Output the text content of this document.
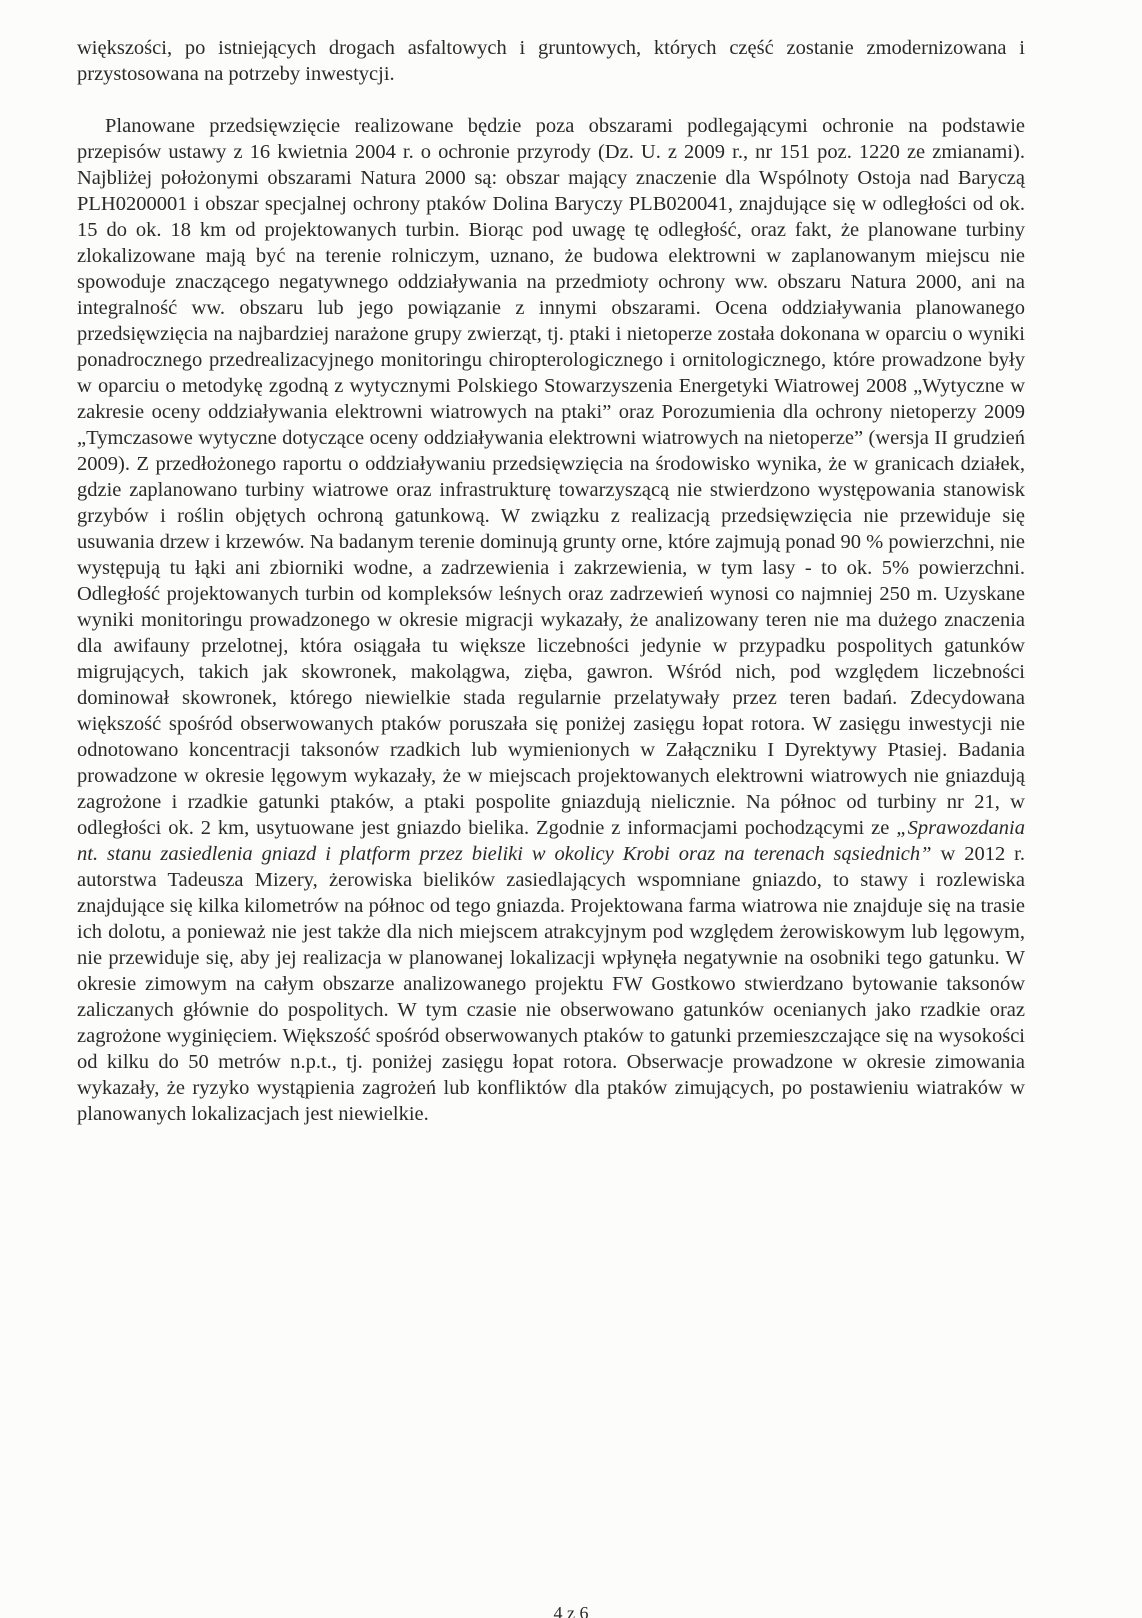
większości, po istniejących drogach asfaltowych i gruntowych, których część zostanie zmodernizowana i przystosowana na potrzeby inwestycji.

Planowane przedsięwzięcie realizowane będzie poza obszarami podlegającymi ochronie na podstawie przepisów ustawy z 16 kwietnia 2004 r. o ochronie przyrody (Dz. U. z 2009 r., nr 151 poz. 1220 ze zmianami). Najbliżej położonymi obszarami Natura 2000 są: obszar mający znaczenie dla Wspólnoty Ostoja nad Baryczą PLH0200001 i obszar specjalnej ochrony ptaków Dolina Baryczy PLB020041, znajdujące się w odległości od ok. 15 do ok. 18 km od projektowanych turbin. Biorąc pod uwagę tę odległość, oraz fakt, że planowane turbiny zlokalizowane mają być na terenie rolniczym, uznano, że budowa elektrowni w zaplanowanym miejscu nie spowoduje znaczącego negatywnego oddziaływania na przedmioty ochrony ww. obszaru Natura 2000, ani na integralność ww. obszaru lub jego powiązanie z innymi obszarami. Ocena oddziaływania planowanego przedsięwzięcia na najbardziej narażone grupy zwierząt, tj. ptaki i nietoperze została dokonana w oparciu o wyniki ponadrocznego przedrealizacyjnego monitoringu chiropterologicznego i ornitologicznego, które prowadzone były w oparciu o metodykę zgodną z wytycznymi Polskiego Stowarzyszenia Energetyki Wiatrowej 2008 „Wytyczne w zakresie oceny oddziaływania elektrowni wiatrowych na ptaki” oraz Porozumienia dla ochrony nietoperzy 2009 „Tymczasowe wytyczne dotyczące oceny oddziaływania elektrowni wiatrowych na nietoperze” (wersja II grudzień 2009). Z przedłożonego raportu o oddziaływaniu przedsięwzięcia na środowisko wynika, że w granicach działek, gdzie zaplanowano turbiny wiatrowe oraz infrastrukturę towarzyszącą nie stwierdzono występowania stanowisk grzybów i roślin objętych ochroną gatunkową. W związku z realizacją przedsięwzięcia nie przewiduje się usuwania drzew i krzewów. Na badanym terenie dominują grunty orne, które zajmują ponad 90 % powierzchni, nie występują tu łąki ani zbiorniki wodne, a zadrzewienia i zakrzewienia, w tym lasy - to ok. 5% powierzchni. Odległość projektowanych turbin od kompleksów leśnych oraz zadrzewień wynosi co najmniej 250 m. Uzyskane wyniki monitoringu prowadzonego w okresie migracji wykazały, że analizowany teren nie ma dużego znaczenia dla awifauny przelotnej, która osiągała tu większe liczebności jedynie w przypadku pospolitych gatunków migrujących, takich jak skowronek, makolągwa, zięba, gawron. Wśród nich, pod względem liczebności dominował skowronek, którego niewielkie stada regularnie przelatywały przez teren badań. Zdecydowana większość spośród obserwowanych ptaków poruszała się poniżej zasięgu łopat rotora. W zasięgu inwestycji nie odnotowano koncentracji taksonów rzadkich lub wymienionych w Załączniku I Dyrektywy Ptasiej. Badania prowadzone w okresie lęgowym wykazały, że w miejscach projektowanych elektrowni wiatrowych nie gniazdują zagrożone i rzadkie gatunki ptaków, a ptaki pospolite gniazdują nielicznie. Na północ od turbiny nr 21, w odległości ok. 2 km, usytuowane jest gniazdo bielika. Zgodnie z informacjami pochodzącymi ze „Sprawozdania nt. stanu zasiedlenia gniazd i platform przez bieliki w okolicy Krobi oraz na terenach sąsiednich” w 2012 r. autorstwa Tadeusza Mizery, żerowiska bielików zasiedlających wspomniane gniazdo, to stawy i rozlewiska znajdujące się kilka kilometrów na północ od tego gniazda. Projektowana farma wiatrowa nie znajduje się na trasie ich dolotu, a ponieważ nie jest także dla nich miejscem atrakcyjnym pod względem żerowiskowym lub lęgowym, nie przewiduje się, aby jej realizacja w planowanej lokalizacji wpłynęła negatywnie na osobniki tego gatunku. W okresie zimowym na całym obszarze analizowanego projektu FW Gostkowo stwierdzano bytowanie taksonów zaliczanych głównie do pospolitych. W tym czasie nie obserwowano gatunków ocenianych jako rzadkie oraz zagrożone wyginięciem. Większość spośród obserwowanych ptaków to gatunki przemieszczające się na wysokości od kilku do 50 metrów n.p.t., tj. poniżej zasięgu łopat rotora. Obserwacje prowadzone w okresie zimowania wykazały, że ryzyko wystąpienia zagrożeń lub konfliktów dla ptaków zimujących, po postawieniu wiatraków w planowanych lokalizacjach jest niewielkie.

4 z 6
